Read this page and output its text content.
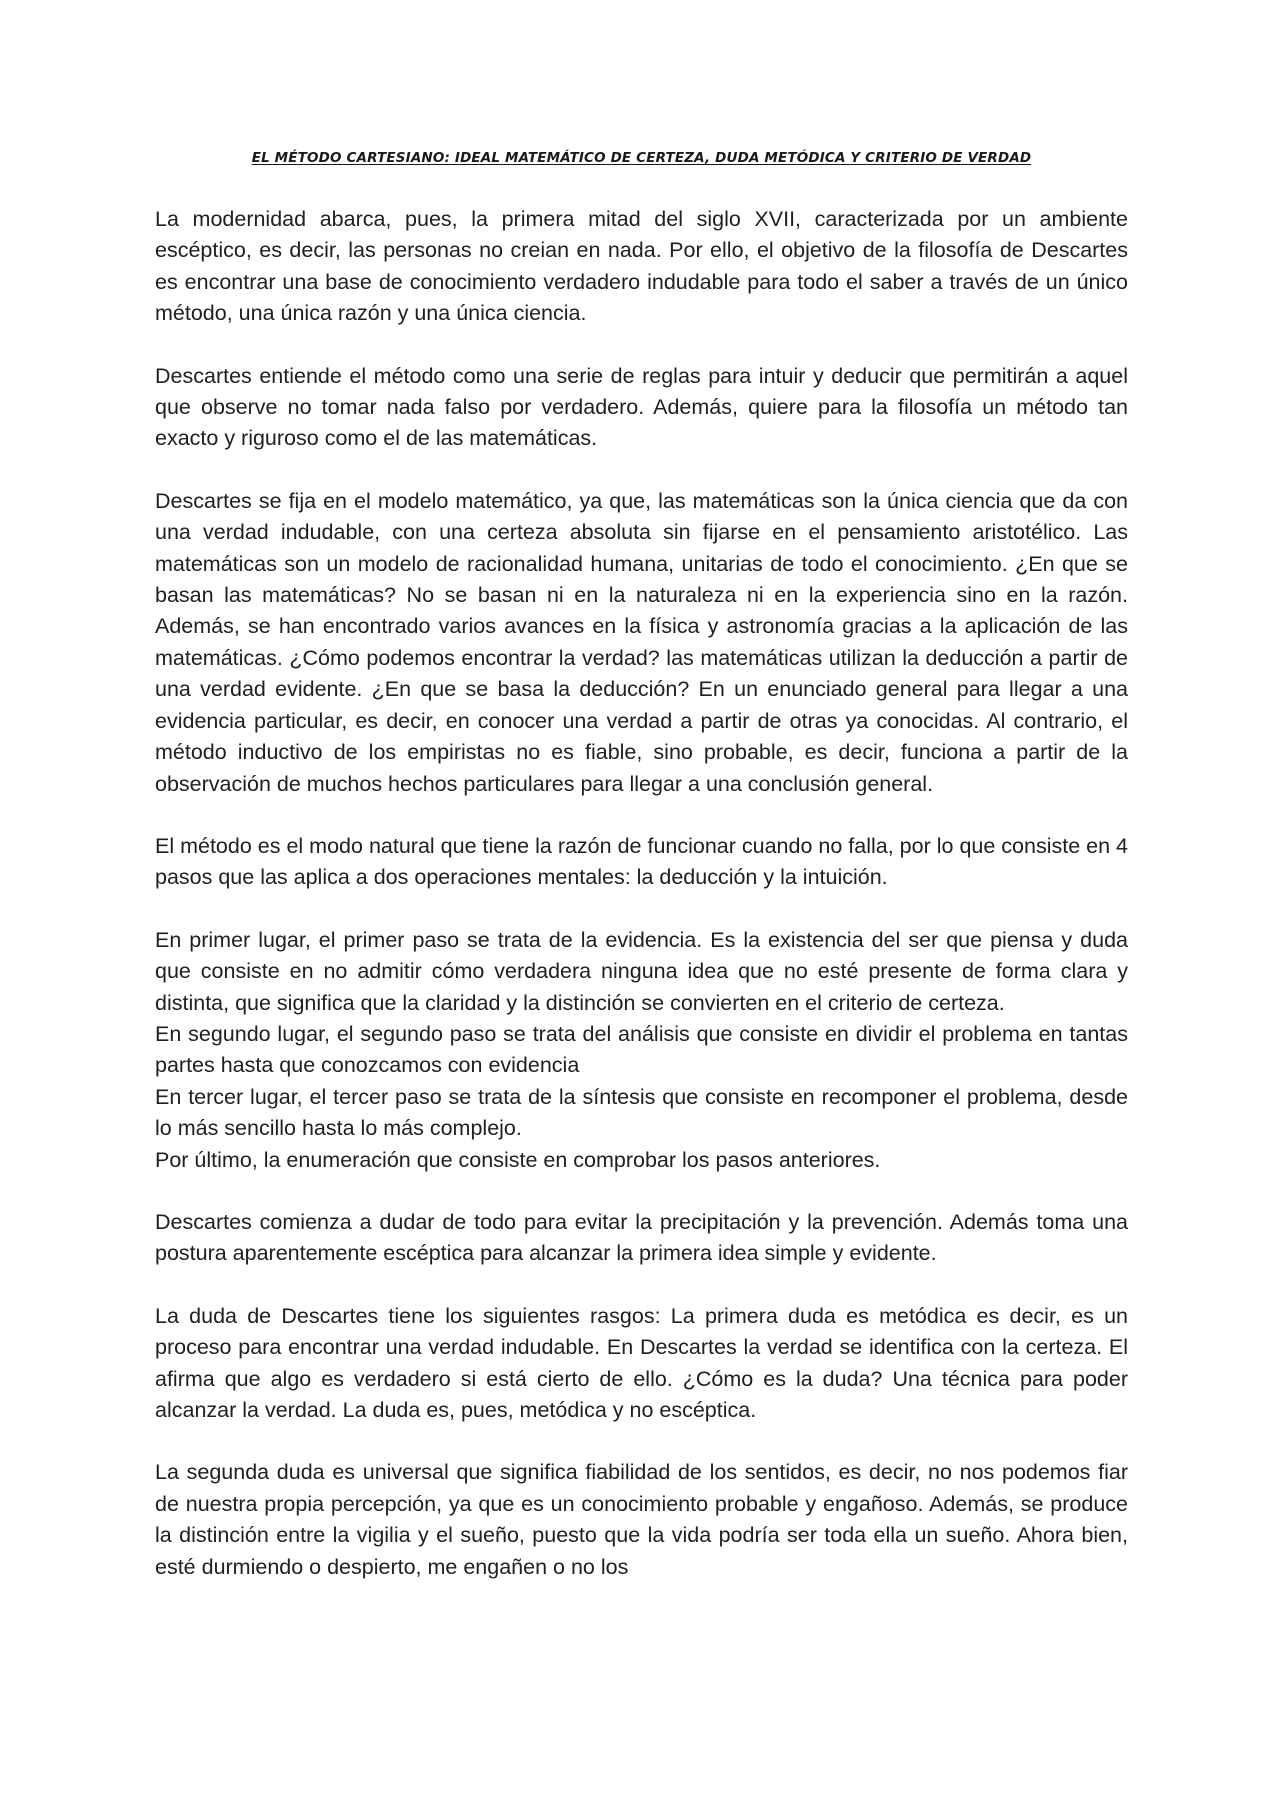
EL MÉTODO CARTESIANO: IDEAL MATEMÁTICO DE CERTEZA, DUDA METÓDICA Y CRITERIO DE VERDAD

La modernidad abarca, pues, la primera mitad del siglo XVII, caracterizada por un ambiente escéptico, es decir, las personas no creian en nada. Por ello, el objetivo de la filosofía de Descartes es encontrar una base de conocimiento verdadero indudable para todo el saber a través de un único método, una única razón y una única ciencia.

Descartes entiende el método como una serie de reglas para intuir y deducir que permitirán a aquel que observe no tomar nada falso por verdadero. Además, quiere para la filosofía un método tan exacto y riguroso como el de las matemáticas.

Descartes se fija en el modelo matemático, ya que, las matemáticas son la única ciencia que da con una verdad indudable, con una certeza absoluta sin fijarse en el pensamiento aristotélico. Las matemáticas son un modelo de racionalidad humana, unitarias de todo el conocimiento. ¿En que se basan las matemáticas? No se basan ni en la naturaleza ni en la experiencia sino en la razón. Además, se han encontrado varios avances en la física y astronomía gracias a la aplicación de las matemáticas. ¿Cómo podemos encontrar la verdad? las matemáticas utilizan la deducción a partir de una verdad evidente. ¿En que se basa la deducción? En un enunciado general para llegar a una evidencia particular, es decir, en conocer una verdad a partir de otras ya conocidas. Al contrario, el método inductivo de los empiristas no es fiable, sino probable, es decir, funciona a partir de la observación de muchos hechos particulares para llegar a una conclusión general.

El método es el modo natural que tiene la razón de funcionar cuando no falla, por lo que consiste en 4 pasos que las aplica a dos operaciones mentales: la deducción y la intuición.

En primer lugar, el primer paso se trata de la evidencia. Es la existencia del ser que piensa y duda que consiste en no admitir cómo verdadera ninguna idea que no esté presente de forma clara y distinta, que significa que la claridad y la distinción se convierten en el criterio de certeza.

En segundo lugar, el segundo paso se trata del análisis que consiste en dividir el problema en tantas partes hasta que conozcamos con evidencia

En tercer lugar, el tercer paso se trata de la síntesis que consiste en recomponer el problema, desde lo más sencillo hasta lo más complejo.

Por último, la enumeración que consiste en comprobar los pasos anteriores.

Descartes comienza a dudar de todo para evitar la precipitación y la prevención. Además toma una postura aparentemente escéptica para alcanzar la primera idea simple y evidente.

La duda de Descartes tiene los siguientes rasgos: La primera duda es metódica es decir, es un proceso para encontrar una verdad indudable. En Descartes la verdad se identifica con la certeza. El afirma que algo es verdadero si está cierto de ello. ¿Cómo es la duda? Una técnica para poder alcanzar la verdad. La duda es, pues, metódica y no escéptica.

La segunda duda es universal que significa fiabilidad de los sentidos, es decir, no nos podemos fiar de nuestra propia percepción, ya que es un conocimiento probable y engañoso. Además, se produce la distinción entre la vigilia y el sueño, puesto que la vida podría ser toda ella un sueño. Ahora bien, esté durmiendo o despierto, me engañen o no los
